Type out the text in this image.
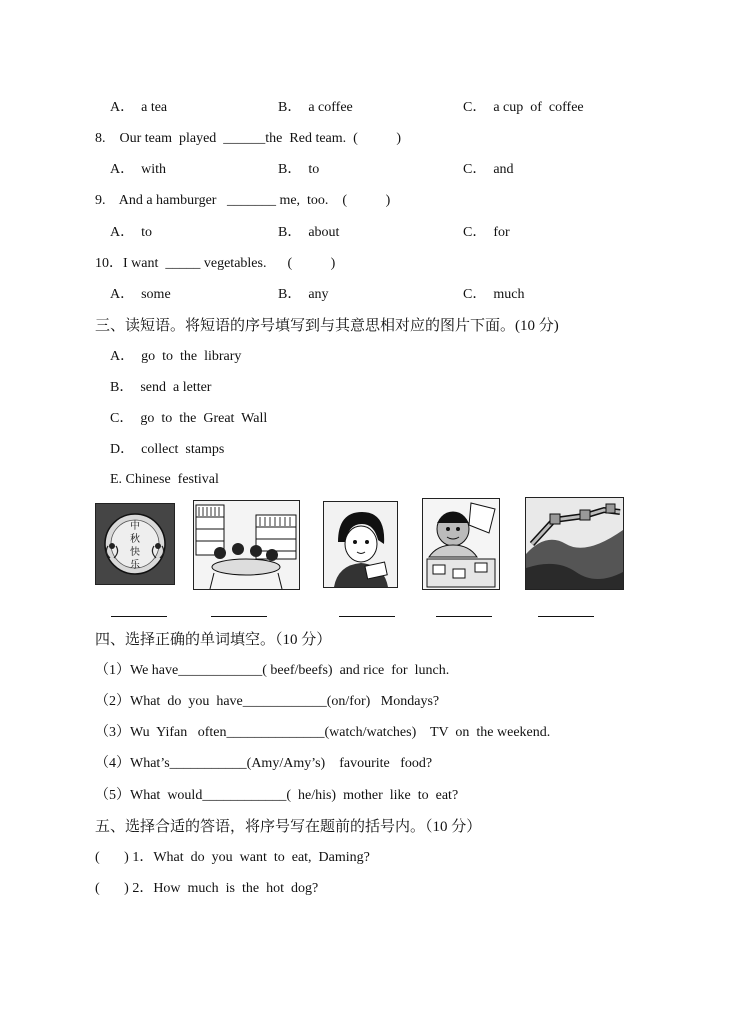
A．  a tea	B．  a coffee	C．  a cup  of  coffee
8.    Our team  played  ______the  Red team.  (           )
A．  with	B．  to	C．  and
9.    And a hamburger   _______ me,  too.    (           )
A．  to	B．  about	C．  for
10．I want  _____ vegetables.      (           )
A．  some	B．  any	C．  much
三、读短语。将短语的序号填写到与其意思相对应的图片下面。(10 分)
A．  go  to  the  library
B．  send  a letter
C．  go  to  the  Great  Wall
D．  collect  stamps
E. Chinese  festival
中
秋
快
乐
四、选择正确的单词填空。（10 分）
（1）We have____________( beef/beefs)  and rice  for  lunch.
（2）What  do  you  have____________(on/for)   Mondays?
（3）Wu  Yifan   often______________(watch/watches)    TV  on  the weekend.
（4）What’s___________(Amy/Amy’s)    favourite   food?
（5）What  would____________(  he/his)  mother  like  to  eat?
五、选择合适的答语，将序号写在题前的括号内。（10 分）
(       ) 1．What  do  you  want  to  eat,  Daming?
(       ) 2．How  much  is  the  hot  dog?
